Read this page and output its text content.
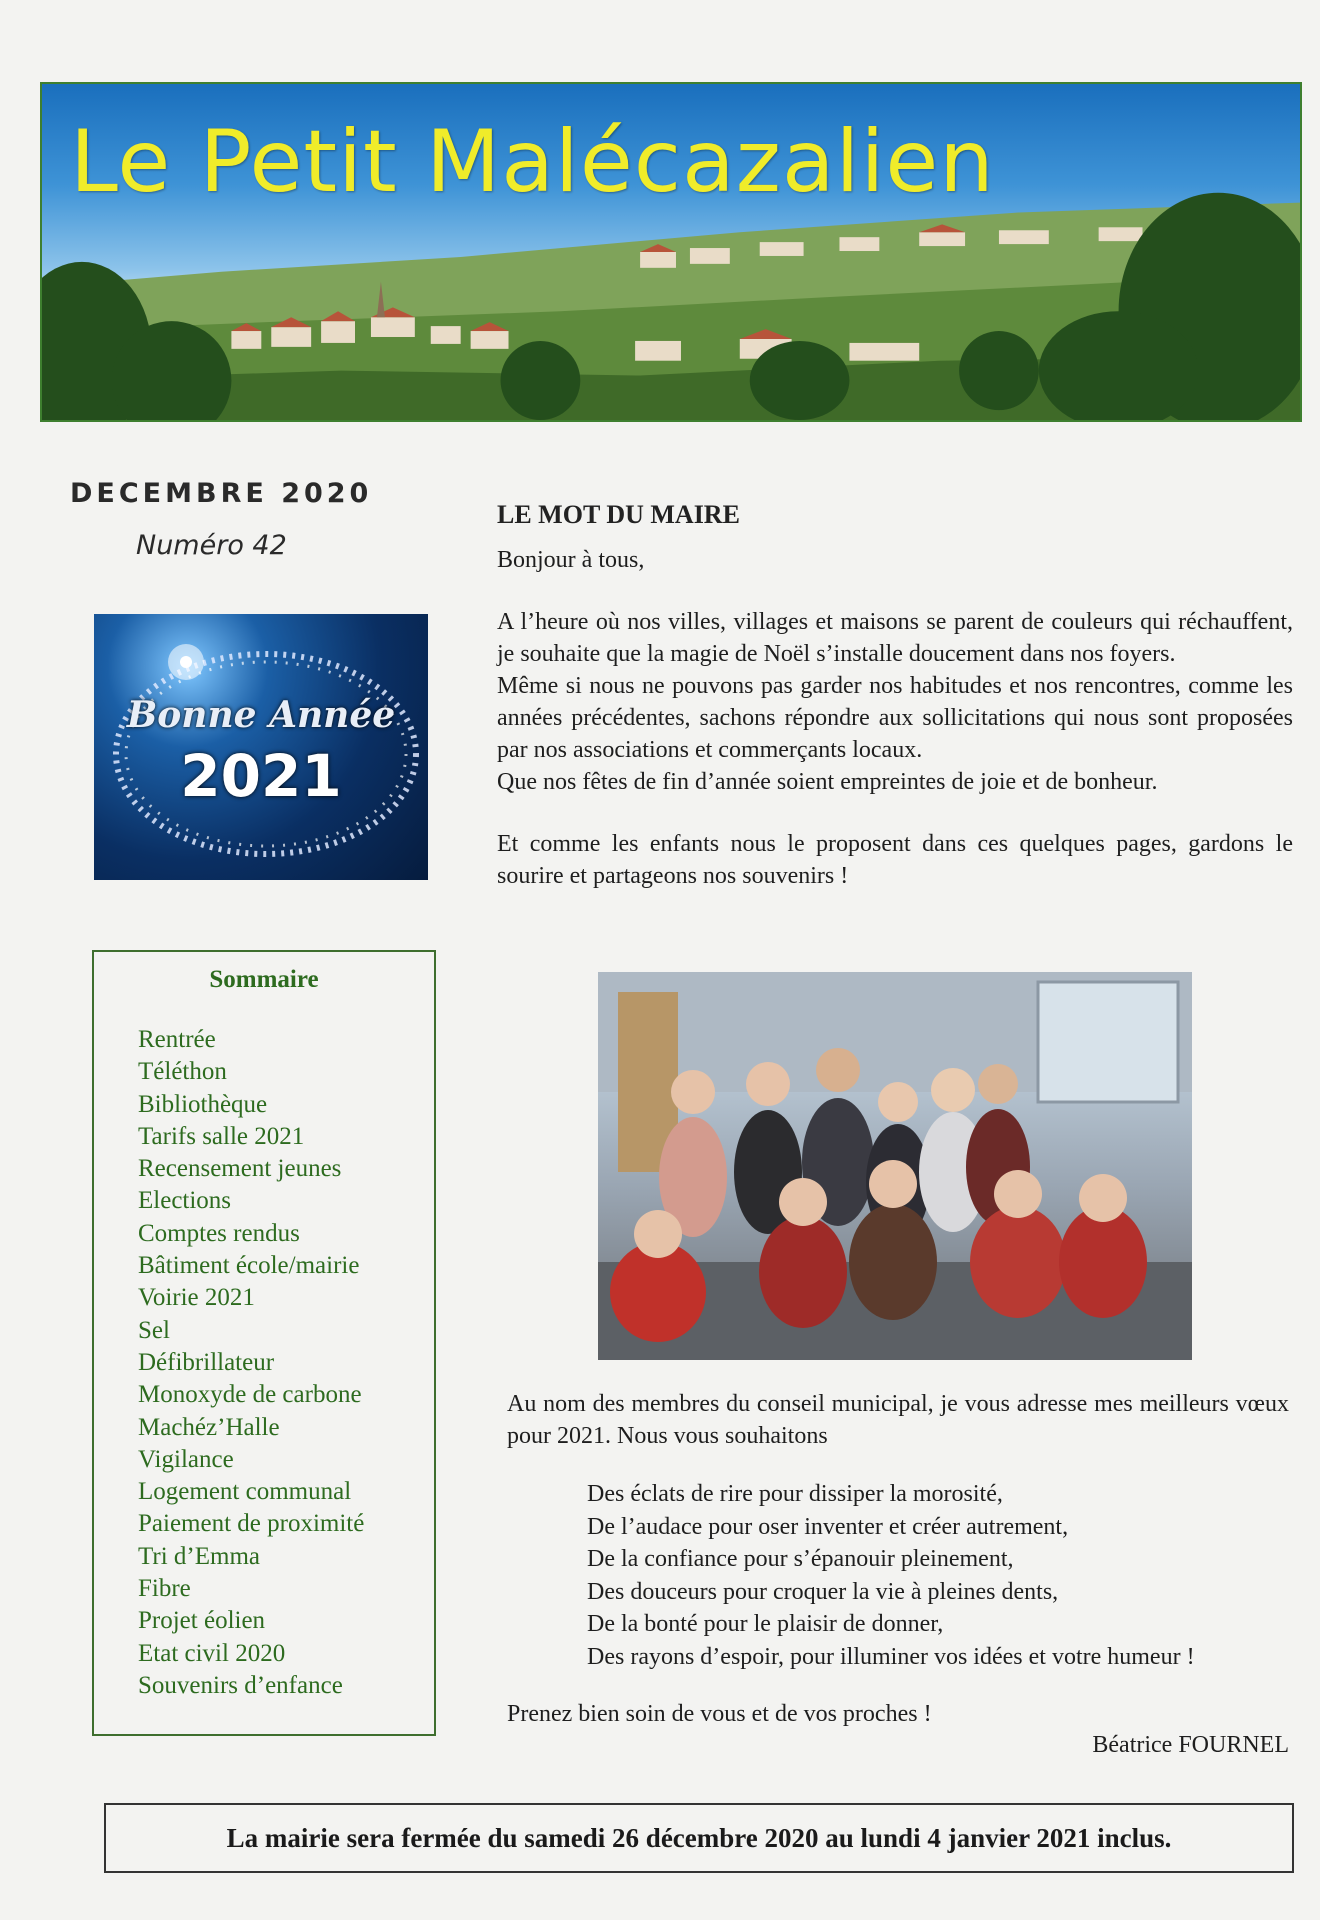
Le Petit Malécazalien

DECEMBRE 2020

Numéro 42

Bonne Année
2021
Sommaire
Rentrée
Téléthon
Bibliothèque
Tarifs salle 2021
Recensement jeunes
Elections
Comptes rendus
Bâtiment école/mairie
Voirie 2021
Sel
Défibrillateur
Monoxyde de carbone
Machéz’Halle
Vigilance
Logement communal
Paiement de proximité
Tri d’Emma
Fibre
Projet éolien
Etat civil 2020
Souvenirs d’enfance
LE MOT DU MAIRE

Bonjour à tous,

A l’heure où nos villes, villages et maisons se parent de couleurs qui réchauffent, je souhaite que la magie de Noël s’installe doucement dans nos foyers.

Même si nous ne pouvons pas garder nos habitudes et nos rencontres, comme les années précédentes, sachons répondre aux sollicitations qui nous sont proposées par nos associations et commerçants locaux.

Que nos fêtes de fin d’année soient empreintes de joie et de bonheur.

Et comme les enfants nous le proposent dans ces quelques pages, gardons le sourire et partageons nos souvenirs !

Au nom des membres du conseil municipal, je vous adresse mes meilleurs vœux pour 2021. Nous vous souhaitons

Des éclats de rire pour dissiper la morosité,
De l’audace pour oser inventer et créer autrement,
De la confiance pour s’épanouir pleinement,
Des douceurs pour croquer la vie à pleines dents,
De la bonté pour le plaisir de donner,
Des rayons d’espoir, pour illuminer vos idées et votre humeur !

Prenez bien soin de vous et de vos proches !

Béatrice FOURNEL

La mairie sera fermée du samedi 26 décembre 2020 au lundi 4 janvier 2021 inclus.
